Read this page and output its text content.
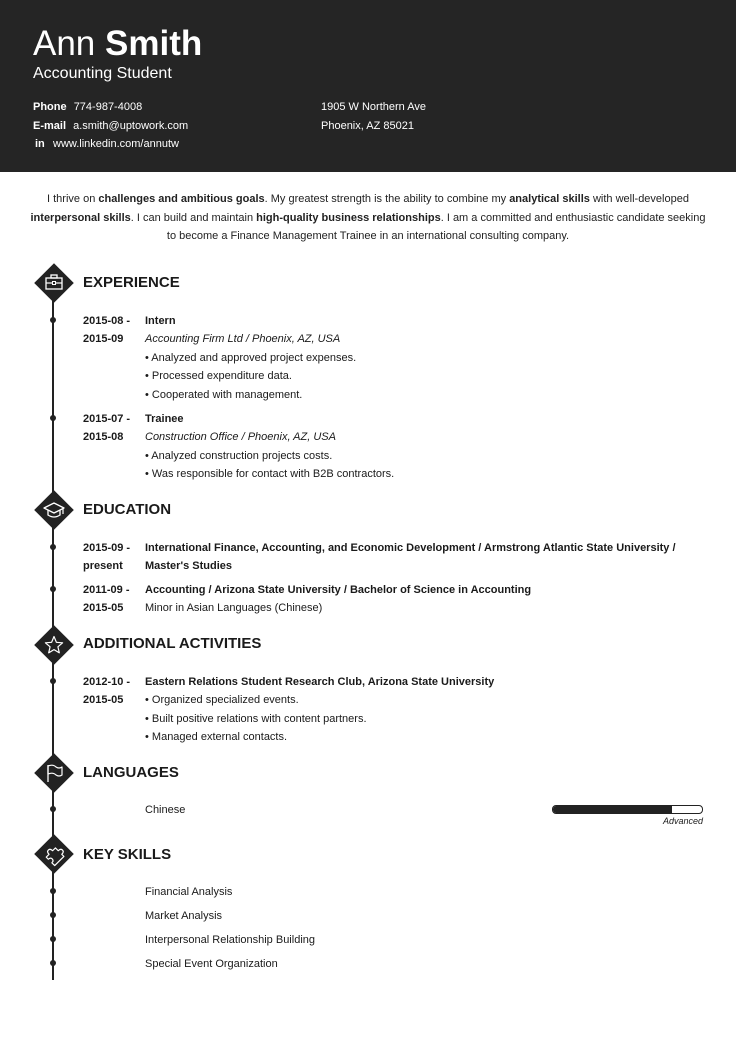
Ann Smith
Accounting Student
Phone 774-987-4008
E-mail a.smith@uptowork.com
in www.linkedin.com/annutw
1905 W Northern Ave
Phoenix, AZ 85021
I thrive on challenges and ambitious goals. My greatest strength is the ability to combine my analytical skills with well-developed interpersonal skills. I can build and maintain high-quality business relationships. I am a committed and enthusiastic candidate seeking to become a Finance Management Trainee in an international consulting company.
EXPERIENCE
2015-08 -
2015-09
Intern
Accounting Firm Ltd / Phoenix, AZ, USA
• Analyzed and approved project expenses.
• Processed expenditure data.
• Cooperated with management.
2015-07 -
2015-08
Trainee
Construction Office / Phoenix, AZ, USA
• Analyzed construction projects costs.
• Was responsible for contact with B2B contractors.
EDUCATION
2015-09 -
present
International Finance, Accounting, and Economic Development / Armstrong Atlantic State University /
Master's Studies
2011-09 -
2015-05
Accounting / Arizona State University / Bachelor of Science in Accounting
Minor in Asian Languages (Chinese)
ADDITIONAL ACTIVITIES
2012-10 -
2015-05
Eastern Relations Student Research Club, Arizona State University
• Organized specialized events.
• Built positive relations with content partners.
• Managed external contacts.
LANGUAGES
Chinese
Advanced
KEY SKILLS
Financial Analysis
Market Analysis
Interpersonal Relationship Building
Special Event Organization
